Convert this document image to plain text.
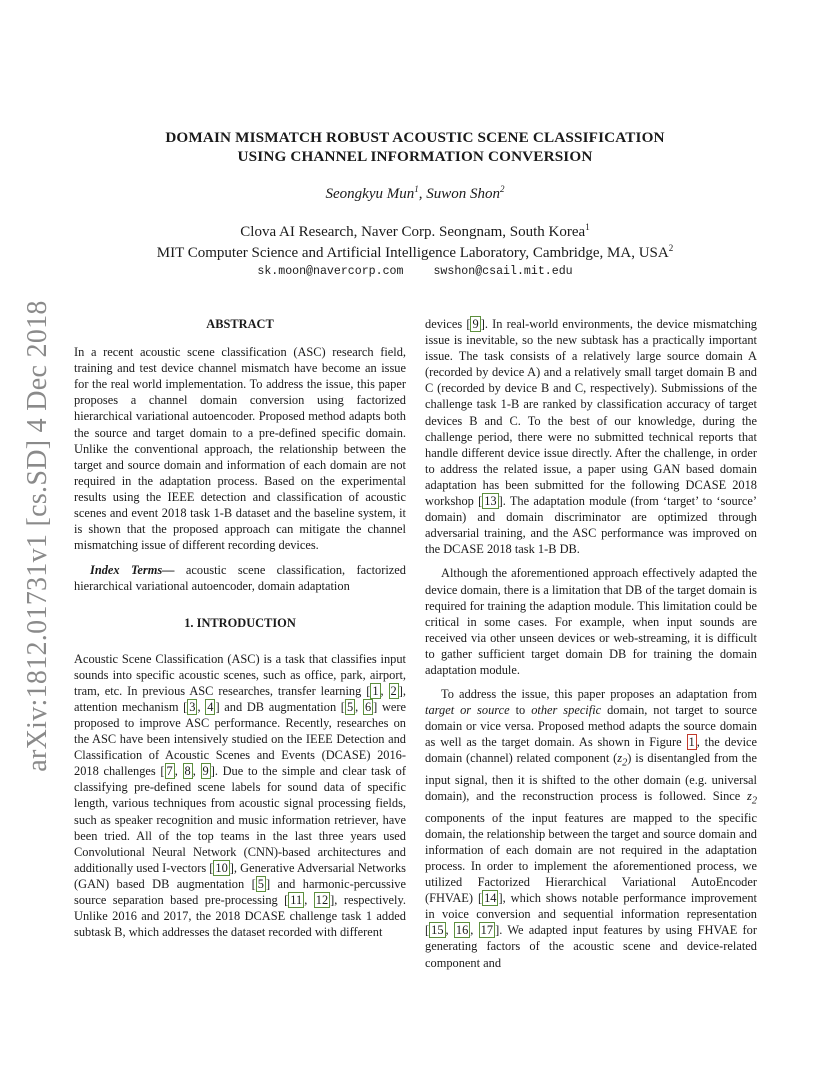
arXiv:1812.01731v1 [cs.SD] 4 Dec 2018
DOMAIN MISMATCH ROBUST ACOUSTIC SCENE CLASSIFICATION
USING CHANNEL INFORMATION CONVERSION
Seongkyu Mun$^1$, Suwon Shon$^2$
Clova AI Research, Naver Corp. Seongnam, South Korea$^1$
MIT Computer Science and Artificial Intelligence Laboratory, Cambridge, MA, USA$^2$
sk.moon@navercorp.com	swshon@csail.mit.edu
ABSTRACT

In a recent acoustic scene classification (ASC) research field, training and test device channel mismatch have become an issue for the real world implementation. To address the issue, this paper proposes a channel domain conversion using factorized hierarchical variational autoencoder. Proposed method adapts both the source and target domain to a pre-defined specific domain. Unlike the conventional approach, the relationship between the target and source domain and information of each domain are not required in the adaptation process. Based on the experimental results using the IEEE detection and classification of acoustic scenes and event 2018 task 1-B dataset and the baseline system, it is shown that the proposed approach can mitigate the channel mismatching issue of different recording devices.

Index Terms— acoustic scene classification, factorized hierarchical variational autoencoder, domain adaptation

1. INTRODUCTION

Acoustic Scene Classification (ASC) is a task that classifies input sounds into specific acoustic scenes, such as office, park, airport, tram, etc. In previous ASC researches, transfer learning [ 1 , 2 ], attention mechanism [ 3 , 4 ] and DB augmentation [ 5 , 6 ] were proposed to improve ASC performance. Recently, researches on the ASC have been intensively studied on the IEEE Detection and Classification of Acoustic Scenes and Events (DCASE) 2016-2018 challenges [ 7 , 8 , 9 ]. Due to the simple and clear task of classifying pre-defined scene labels for sound data of specific length, various techniques from acoustic signal processing fields, such as speaker recognition and music information retriever, have been tried. All of the top teams in the last three years used Convolutional Neural Network (CNN)-based architectures and additionally used I-vectors [ 10 ], Generative Adversarial Networks (GAN) based DB augmentation [ 5 ] and harmonic-percussive source separation based pre-processing [ 11 , 12 ], respectively. Unlike 2016 and 2017, the 2018 DCASE challenge task 1 added subtask B, which addresses the dataset recorded with different

devices [ 9 ]. In real-world environments, the device mismatching issue is inevitable, so the new subtask has a practically important issue. The task consists of a relatively large source domain A (recorded by device A) and a relatively small target domain B and C (recorded by device B and C, respectively). Submissions of the challenge task 1-B are ranked by classification accuracy of target devices B and C. To the best of our knowledge, during the challenge period, there were no submitted technical reports that handle different device issue directly. After the challenge, in order to address the related issue, a paper using GAN based domain adaptation has been submitted for the following DCASE 2018 workshop [ 13 ]. The adaptation module (from ‘target’ to ‘source’ domain) and domain discriminator are optimized through adversarial training, and the ASC performance was improved on the DCASE 2018 task 1-B DB.

Although the aforementioned approach effectively adapted the device domain, there is a limitation that DB of the target domain is required for training the adaption module. This limitation could be critical in some cases. For example, when input sounds are received via other unseen devices or web-streaming, it is difficult to gather sufficient target domain DB for training the domain adaptation module.

To address the issue, this paper proposes an adaptation from target or source to other specific domain, not target to source domain or vice versa. Proposed method adapts the source domain as well as the target domain. As shown in Figure 1 , the device domain (channel) related component $(z_2)$ is disentangled from the input signal, then it is shifted to the other domain (e.g. universal domain), and the reconstruction process is followed. Since $z_2$ components of the input features are mapped to the specific domain, the relationship between the target and source domain and information of each domain are not required in the adaptation process. In order to implement the aforementioned process, we utilized Factorized Hierarchical Variational AutoEncoder (FHVAE) [ 14 ], which shows notable performance improvement in voice conversion and sequential information representation [ 15 , 16 , 17 ]. We adapted input features by using FHVAE for generating factors of the acoustic scene and device-related component and
